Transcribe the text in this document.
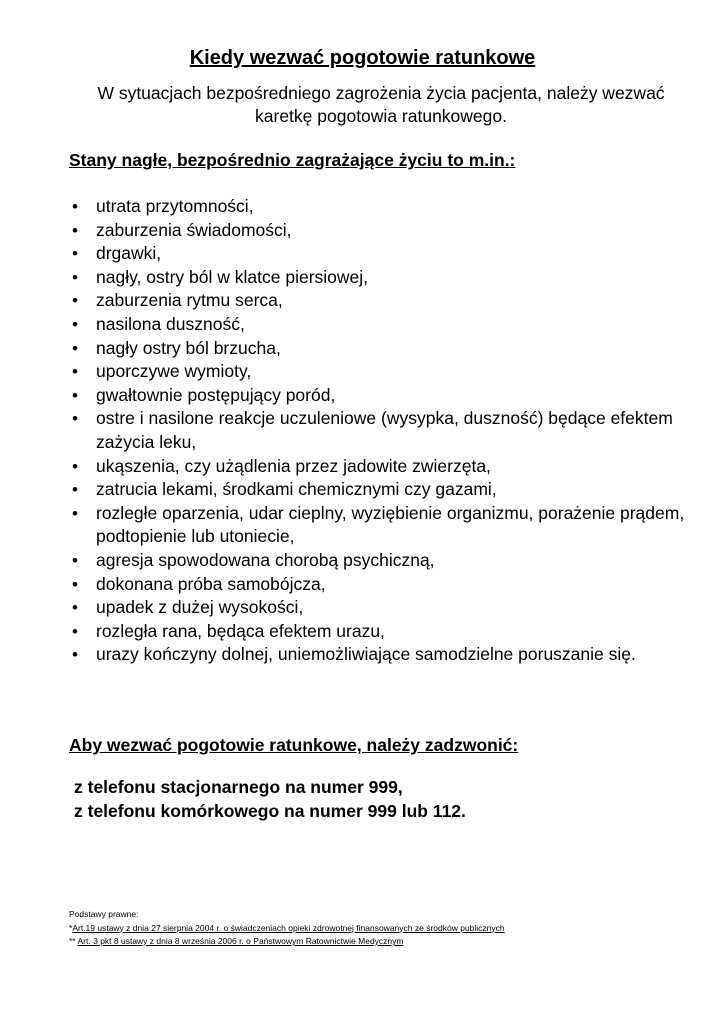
Kiedy wezwać pogotowie ratunkowe

W sytuacjach bezpośredniego zagrożenia życia pacjenta, należy wezwać karetkę pogotowia ratunkowego.

Stany nagłe, bezpośrednio zagrażające życiu to m.in.:
• utrata przytomności,
• zaburzenia świadomości,
• drgawki,
• nagły, ostry ból w klatce piersiowej,
• zaburzenia rytmu serca,
• nasilona duszność,
• nagły ostry ból brzucha,
• uporczywe wymioty,
• gwałtownie postępujący poród,
• ostre i nasilone reakcje uczuleniowe (wysypka, duszność) będące efektem zażycia leku,
• ukąszenia, czy użądlenia przez jadowite zwierzęta,
• zatrucia lekami, środkami chemicznymi czy gazami,
• rozległe oparzenia, udar cieplny, wyziębienie organizmu, porażenie prądem, podtopienie lub utoniecie,
• agresja spowodowana chorobą psychiczną,
• dokonana próba samobójcza,
• upadek z dużej wysokości,
• rozległa rana, będąca efektem urazu,
• urazy kończyny dolnej, uniemożliwiające samodzielne poruszanie się.
Aby wezwać pogotowie ratunkowe, należy zadzwonić:
z telefonu stacjonarnego na numer 999,
z telefonu komórkowego na numer 999 lub 112.
Podstawy prawne:
*Art.19 ustawy z dnia 27 sierpnia 2004 r. o świadczeniach opieki zdrowotnej finansowanych ze środków publicznych
** Art. 3 pkt 8 ustawy z dnia 8 września 2006 r. o Państwowym Ratownictwie Medycznym
